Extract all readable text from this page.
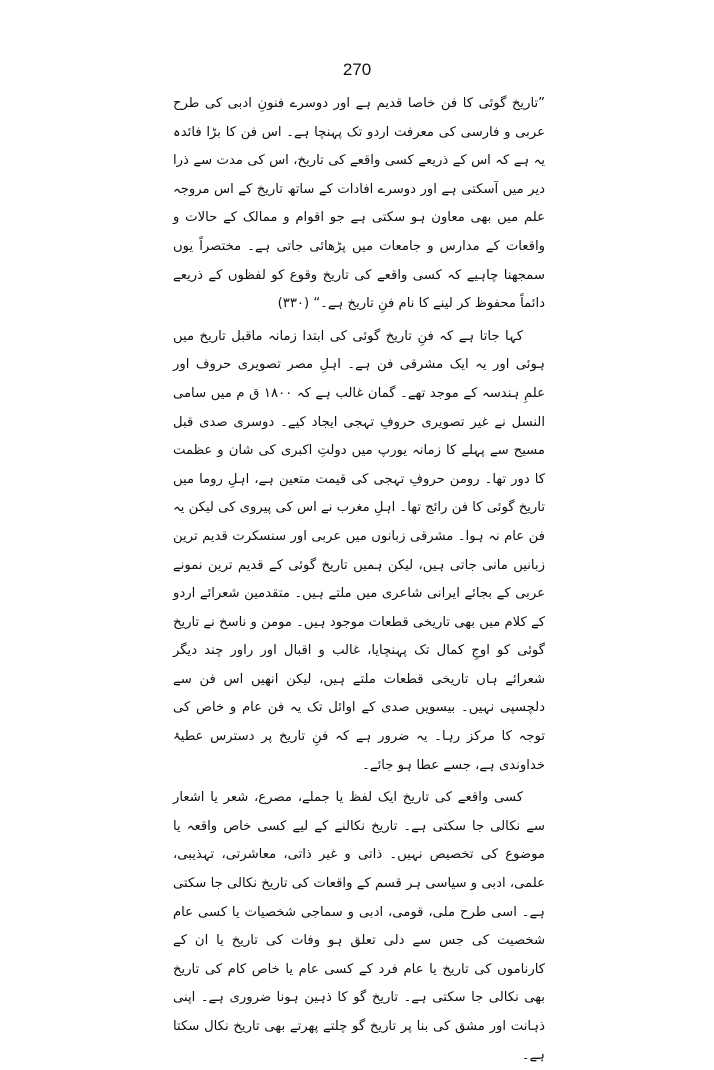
270

”تاریخ گوئی کا فن خاصا قدیم ہے اور دوسرے فنونِ ادبی کی طرح عربی و فارسی کی معرفت اردو تک پہنچا ہے۔ اس فن کا بڑا فائدہ یہ ہے کہ اس کے ذریعے کسی واقعے کی تاریخ، اس کی مدت سے ذرا دیر میں آسکتی ہے اور دوسرے افادات کے ساتھ تاریخ کے اس مروجہ علم میں بھی معاون ہو سکتی ہے جو اقوام و ممالک کے حالات و واقعات کے مدارس و جامعات میں پڑھائی جاتی ہے۔ مختصراً یوں سمجھنا چاہیے کہ کسی واقعے کی تاریخ وقوع کو لفظوں کے ذریعے دائماً محفوظ کر لینے کا نام فنِ تاریخ ہے۔“ (۳۳۰)

کہا جاتا ہے کہ فنِ تاریخ گوئی کی ابتدا زمانہ ماقبل تاریخ میں ہوئی اور یہ ایک مشرقی فن ہے۔ اہلِ مصر تصویری حروف اور علمِ ہندسہ کے موجد تھے۔ گمان غالب ہے کہ ۱۸۰۰ ق م میں سامی النسل نے غیر تصویری حروفِ تہجی ایجاد کیے۔ دوسری صدی قبل مسیح سے پہلے کا زمانہ یورپ میں دولتِ اکبری کی شان و عظمت کا دور تھا۔ رومن حروفِ تہجی کی قیمت متعین ہے، اہلِ روما میں تاریخ گوئی کا فن رائج تھا۔ اہلِ مغرب نے اس کی پیروی کی لیکن یہ فن عام نہ ہوا۔ مشرقی زبانوں میں عربی اور سنسکرت قدیم ترین زبانیں مانی جاتی ہیں، لیکن ہمیں تاریخ گوئی کے قدیم ترین نمونے عربی کے بجائے ایرانی شاعری میں ملتے ہیں۔ متقدمین شعرائے اردو کے کلام میں بھی تاریخی قطعات موجود ہیں۔ مومن و ناسخ نے تاریخ گوئی کو اوجِ کمال تک پہنچایا، غالب و اقبال اور راور چند دیگر شعرائے ہاں تاریخی قطعات ملتے ہیں، لیکن انھیں اس فن سے دلچسپی نہیں۔ بیسویں صدی کے اوائل تک یہ فن عام و خاص کی توجہ کا مرکز رہا۔ یہ ضرور ہے کہ فنِ تاریخ پر دسترس عطیۂ خداوندی ہے، جسے عطا ہو جائے۔

کسی واقعے کی تاریخ ایک لفظ یا جملے، مصرع، شعر یا اشعار سے نکالی جا سکتی ہے۔ تاریخ نکالنے کے لیے کسی خاص واقعہ یا موضوع کی تخصیص نہیں۔ ذاتی و غیر ذاتی، معاشرتی، تہذیبی، علمی، ادبی و سیاسی ہر قسم کے واقعات کی تاریخ نکالی جا سکتی ہے۔ اسی طرح ملی، قومی، ادبی و سماجی شخصیات یا کسی عام شخصیت کی جس سے دلی تعلق ہو وفات کی تاریخ یا ان کے کارناموں کی تاریخ یا عام فرد کے کسی عام یا خاص کام کی تاریخ بھی نکالی جا سکتی ہے۔ تاریخ گو کا ذہین ہونا ضروری ہے۔ اپنی ذہانت اور مشق کی بنا پر تاریخ گو چلتے پھرتے بھی تاریخ نکال سکتا ہے۔
